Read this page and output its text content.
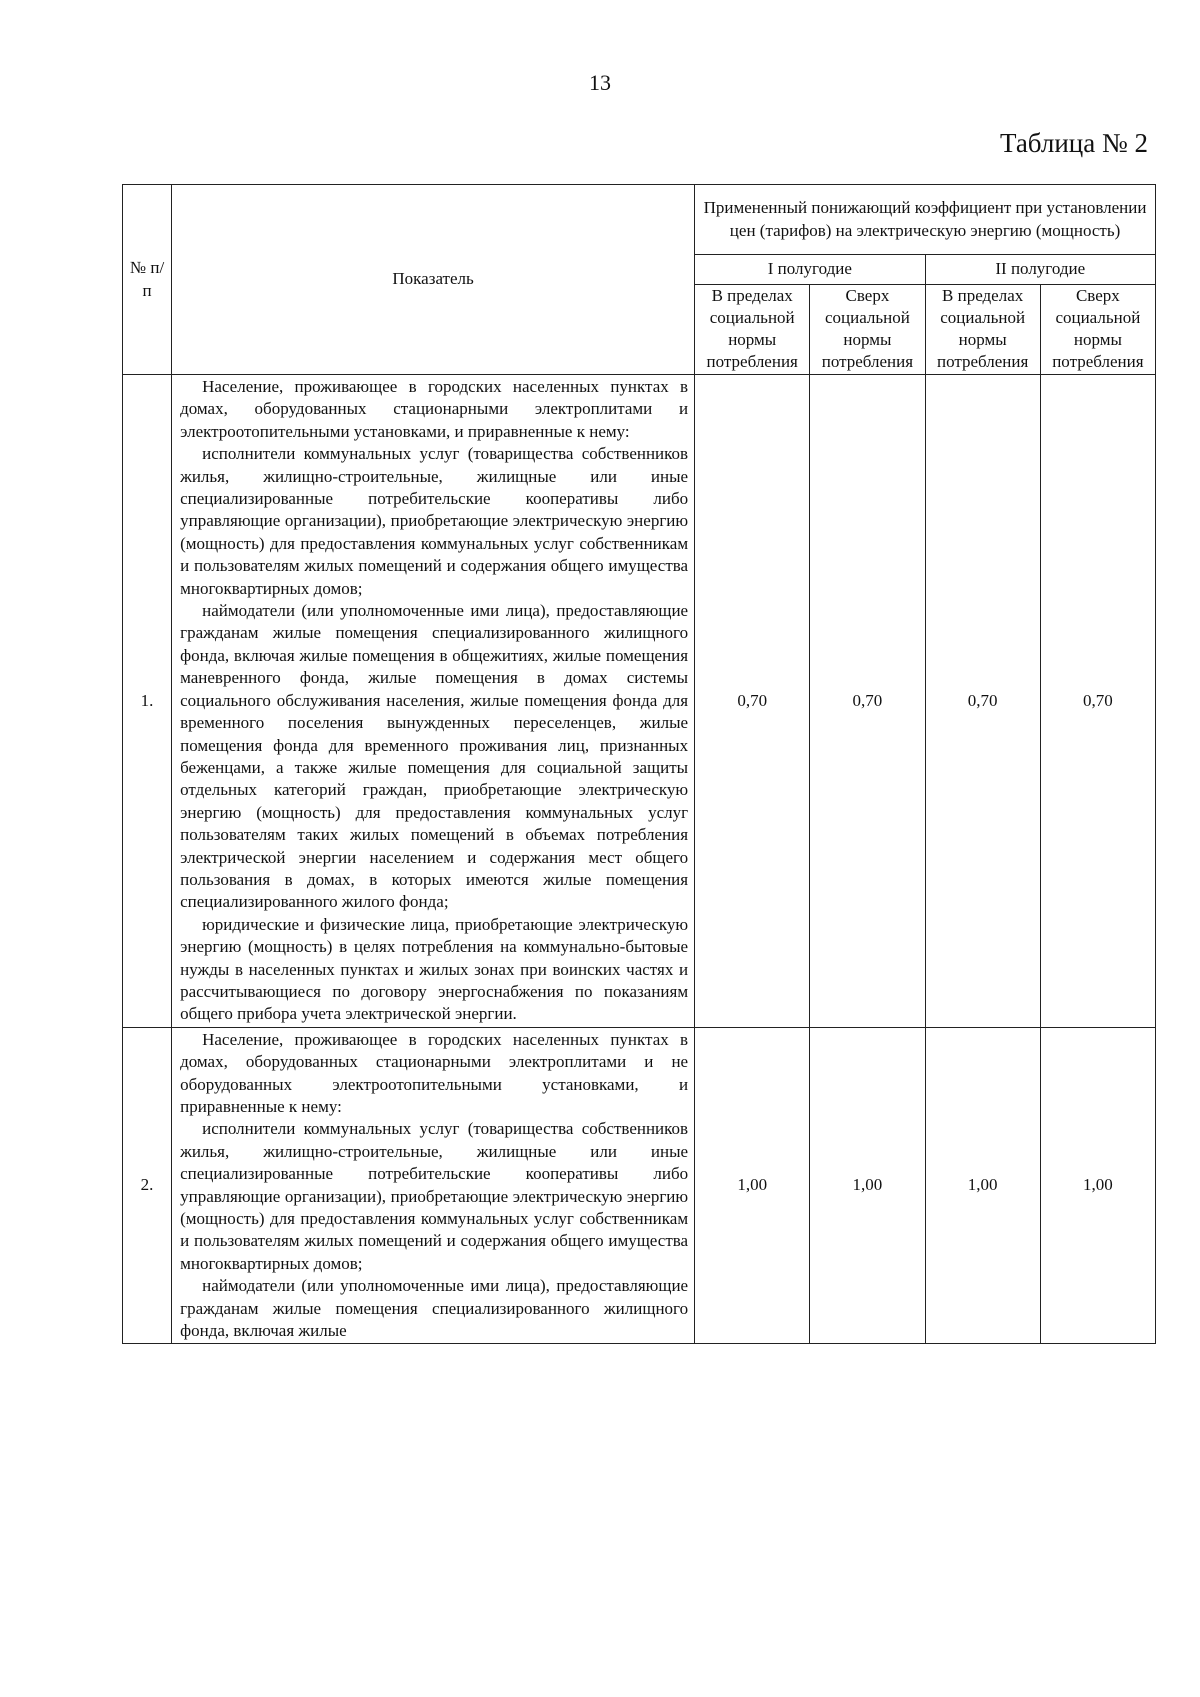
13
Таблица № 2
№ п/п	Показатель	Примененный понижающий коэффициент при установлении цен (тарифов) на электрическую энергию (мощность)			
		I полугодие		II полугодие	
		В пределах социальной нормы потребления	Сверх социальной нормы потребления	В пределах социальной нормы потребления	Сверх социальной нормы потребления
1.	Население, проживающее в городских населенных пунктах в домах, оборудованных стационарными электроплитами и электроотопительными установками, и приравненные к нему:

исполнители коммунальных услуг (товарищества собственников жилья, жилищно-строительные, жилищные или иные специализированные потребительские кооперативы либо управляющие организации), приобретающие электрическую энергию (мощность) для предоставления коммунальных услуг собственникам и пользователям жилых помещений и содержания общего имущества многоквартирных домов;

наймодатели (или уполномоченные ими лица), предоставляющие гражданам жилые помещения специализированного жилищного фонда, включая жилые помещения в общежитиях, жилые помещения маневренного фонда, жилые помещения в домах системы социального обслуживания населения, жилые помещения фонда для временного поселения вынужденных переселенцев, жилые помещения фонда для временного проживания лиц, признанных беженцами, а также жилые помещения для социальной защиты отдельных категорий граждан, приобретающие электрическую энергию (мощность) для предоставления коммунальных услуг пользователям таких жилых помещений в объемах потребления электрической энергии населением и содержания мест общего пользования в домах, в которых имеются жилые помещения специализированного жилого фонда;

юридические и физические лица, приобретающие электрическую энергию (мощность) в целях потребления на коммунально-бытовые нужды в населенных пунктах и жилых зонах при воинских частях и рассчитывающиеся по договору энергоснабжения по показаниям общего прибора учета электрической энергии.	0,70	0,70	0,70	0,70
2.	Население, проживающее в городских населенных пунктах в домах, оборудованных стационарными электроплитами и не оборудованных электроотопительными установками, и приравненные к нему:

исполнители коммунальных услуг (товарищества собственников жилья, жилищно-строительные, жилищные или иные специализированные потребительские кооперативы либо управляющие организации), приобретающие электрическую энергию (мощность) для предоставления коммунальных услуг собственникам и пользователям жилых помещений и содержания общего имущества многоквартирных домов;

наймодатели (или уполномоченные ими лица), предоставляющие гражданам жилые помещения специализированного жилищного фонда, включая жилые	1,00	1,00	1,00	1,00
